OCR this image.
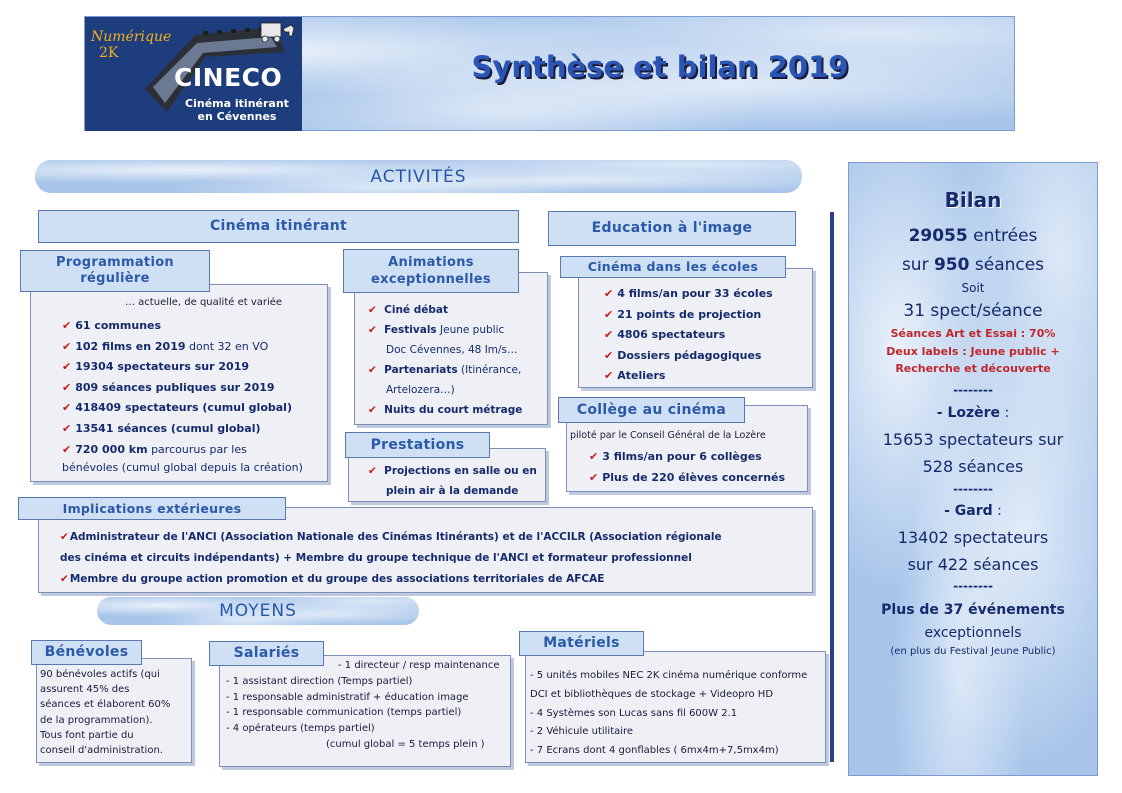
Numérique
2K
CINECO
Cinéma itinérant
en Cévennes
Synthèse et bilan 2019
ACTIVITÉS
Cinéma itinérant	Education à l'image
Programmation
régulière
… actuelle, de qualité et variée
✔ 61 communes
✔ 102 films en 2019 dont 32 en VO
✔ 19304 spectateurs sur 2019
✔ 809 séances publiques sur 2019
✔ 418409 spectateurs (cumul global)
✔ 13541 séances (cumul global)
✔ 720 000 km parcourus par les
bénévoles (cumul global depuis la création)
Animations
exceptionnelles
✔ Ciné débat
✔ Festivals Jeune public
Doc Cévennes, 48 Im/s…
✔ Partenariats (Itinérance,
Artelozera…)
✔ Nuits du court métrage
Prestations
✔ Projections en salle ou en
plein air à la demande
Cinéma dans les écoles
✔ 4 films/an pour 33 écoles
✔ 21 points de projection
✔ 4806 spectateurs
✔ Dossiers pédagogiques
✔ Ateliers
Collège au cinéma
piloté par le Conseil Général de la Lozère
✔ 3 films/an pour 6 collèges
✔ Plus de 220 élèves concernés
Implications extérieures
✔Administrateur de l'ANCI (Association Nationale des Cinémas Itinérants) et de l'ACCILR (Association régionale
des cinéma et circuits indépendants) + Membre du groupe technique de l'ANCI et formateur professionnel
✔Membre du groupe action promotion et du groupe des associations territoriales de AFCAE
MOYENS
Bénévoles
90 bénévoles actifs (qui
assurent 45% des
séances et élaborent 60%
de la programmation).
Tous font partie du
conseil d'administration.
Salariés
- 1 directeur / resp maintenance
- 1 assistant direction (Temps partiel)
- 1 responsable administratif + éducation image
- 1 responsable communication (temps partiel)
- 4 opérateurs (temps partiel)
(cumul global = 5 temps plein )
Matériels
- 5 unités mobiles NEC 2K cinéma numérique conforme
DCI et bibliothèques de stockage + Videopro HD
- 4 Systèmes son Lucas sans fil 600W 2.1
- 2 Véhicule utilitaire
- 7 Ecrans dont 4 gonflables ( 6mx4m+7,5mx4m)
Bilan
29055 entrées
sur 950 séances
Soit
31 spect/séance
Séances Art et Essai : 70%
Deux labels : Jeune public +
Recherche et découverte
--------
- Lozère :
15653 spectateurs sur
528 séances
--------
- Gard :
13402 spectateurs
sur 422 séances
--------
Plus de 37 événements
exceptionnels
(en plus du Festival Jeune Public)
